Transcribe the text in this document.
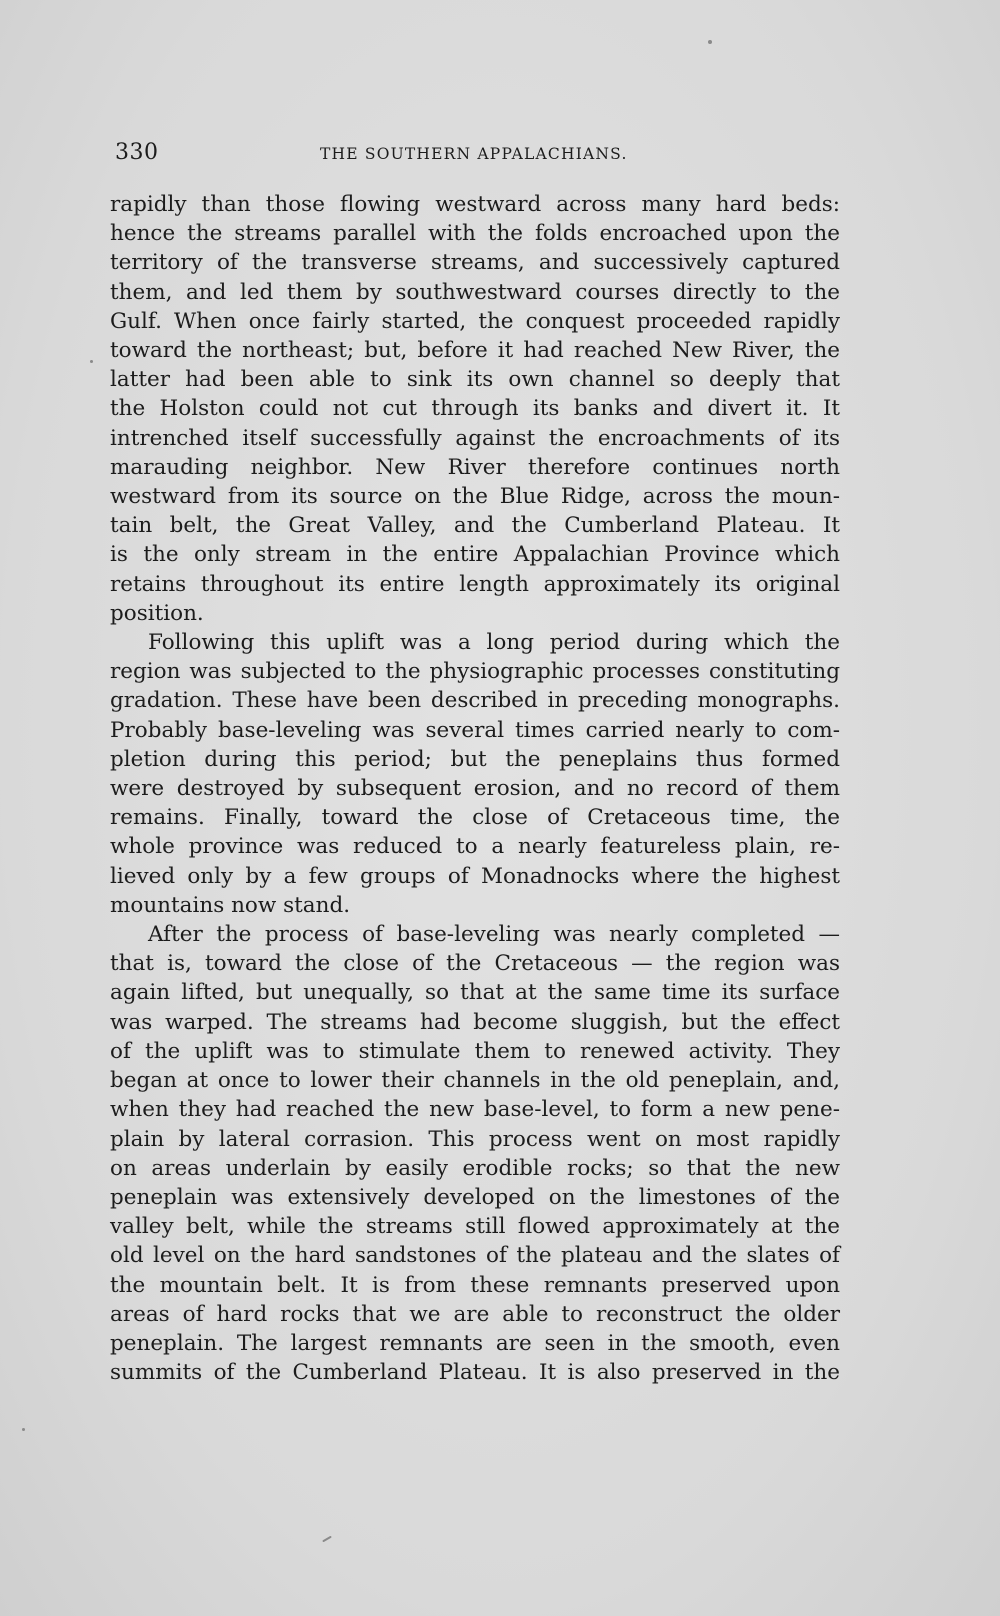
330	THE SOUTHERN APPALACHIANS.
rapidly than those flowing westward across many hard beds:
hence the streams parallel with the folds encroached upon the
territory of the transverse streams, and successively captured
them, and led them by southwestward courses directly to the
Gulf. When once fairly started, the conquest proceeded rapidly
toward the northeast; but, before it had reached New River, the
latter had been able to sink its own channel so deeply that
the Holston could not cut through its banks and divert it. It
intrenched itself successfully against the encroachments of its
marauding neighbor. New River therefore continues north
westward from its source on the Blue Ridge, across the moun-
tain belt, the Great Valley, and the Cumberland Plateau. It
is the only stream in the entire Appalachian Province which
retains throughout its entire length approximately its original
position.
Following this uplift was a long period during which the
region was subjected to the physiographic processes constituting
gradation. These have been described in preceding monographs.
Probably base-leveling was several times carried nearly to com-
pletion during this period; but the peneplains thus formed
were destroyed by subsequent erosion, and no record of them
remains. Finally, toward the close of Cretaceous time, the
whole province was reduced to a nearly featureless plain, re-
lieved only by a few groups of Monadnocks where the highest
mountains now stand.
After the process of base-leveling was nearly completed —
that is, toward the close of the Cretaceous — the region was
again lifted, but unequally, so that at the same time its surface
was warped. The streams had become sluggish, but the effect
of the uplift was to stimulate them to renewed activity. They
began at once to lower their channels in the old peneplain, and,
when they had reached the new base-level, to form a new pene-
plain by lateral corrasion. This process went on most rapidly
on areas underlain by easily erodible rocks; so that the new
peneplain was extensively developed on the limestones of the
valley belt, while the streams still flowed approximately at the
old level on the hard sandstones of the plateau and the slates of
the mountain belt. It is from these remnants preserved upon
areas of hard rocks that we are able to reconstruct the older
peneplain. The largest remnants are seen in the smooth, even
summits of the Cumberland Plateau. It is also preserved in the
